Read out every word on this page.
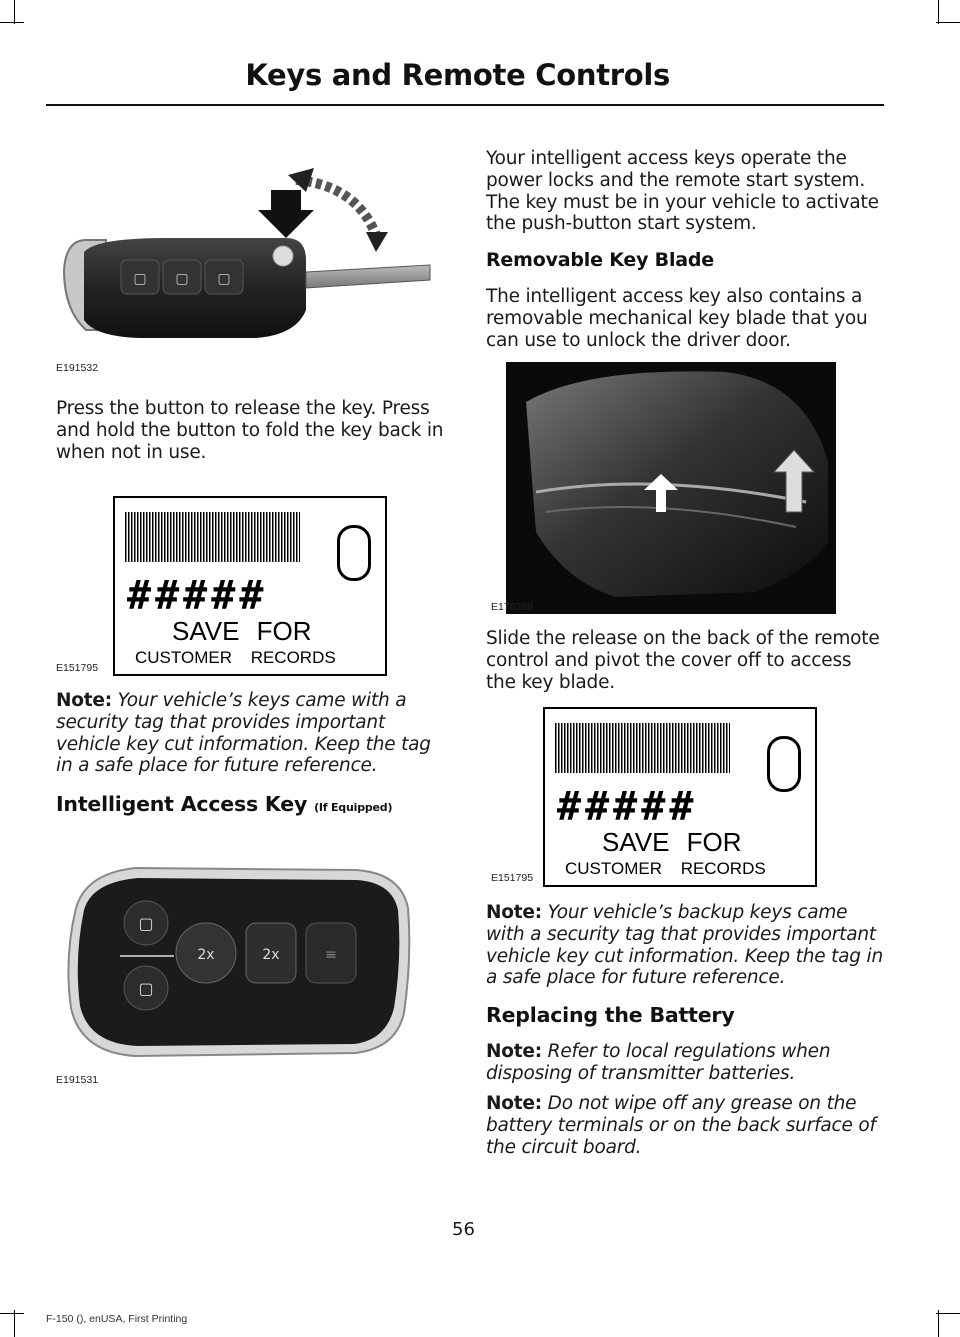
Keys and Remote Controls
▢ ▢ ▢
E191532
Press the button to release the key. Press and hold the button to fold the key back in when not in use.
#####
SAVE FOR
CUSTOMER RECORDS
E151795
Note: Your vehicle’s keys came with a security tag that provides important vehicle key cut information. Keep the tag in a safe place for future reference.
Intelligent Access Key (If Equipped)
▢
▢
2x	2x	≡
E191531
Your intelligent access keys operate the power locks and the remote start system. The key must be in your vehicle to activate the push-button start system.
Removable Key Blade
The intelligent access key also contains a removable mechanical key blade that you can use to unlock the driver door.
E176269
Slide the release on the back of the remote control and pivot the cover off to access the key blade.
#####
SAVE FOR
CUSTOMER RECORDS
E151795
Note: Your vehicle’s backup keys came with a security tag that provides important vehicle key cut information. Keep the tag in a safe place for future reference.
Replacing the Battery
Note: Refer to local regulations when disposing of transmitter batteries.
Note: Do not wipe off any grease on the battery terminals or on the back surface of the circuit board.
56
F-150 (), enUSA, First Printing
